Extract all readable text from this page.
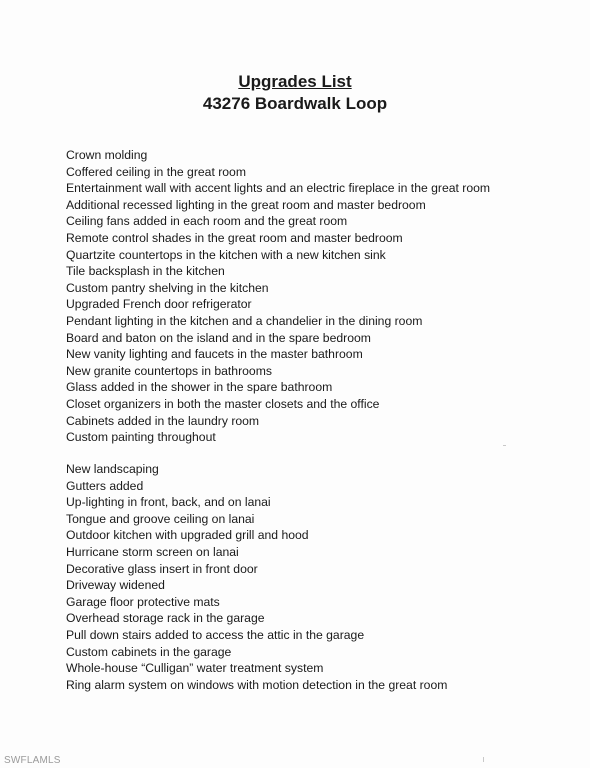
Upgrades List
43276 Boardwalk Loop
Crown molding
Coffered ceiling in the great room
Entertainment wall with accent lights and an electric fireplace in the great room
Additional recessed lighting in the great room and master bedroom
Ceiling fans added in each room and the great room
Remote control shades in the great room and master bedroom
Quartzite countertops in the kitchen with a new kitchen sink
Tile backsplash in the kitchen
Custom pantry shelving in the kitchen
Upgraded French door refrigerator
Pendant lighting in the kitchen and a chandelier in the dining room
Board and baton on the island and in the spare bedroom
New vanity lighting and faucets in the master bathroom
New granite countertops in bathrooms
Glass added in the shower in the spare bathroom
Closet organizers in both the master closets and the office
Cabinets added in the laundry room
Custom painting throughout
New landscaping
Gutters added
Up-lighting in front, back, and on lanai
Tongue and groove ceiling on lanai
Outdoor kitchen with upgraded grill and hood
Hurricane storm screen on lanai
Decorative glass insert in front door
Driveway widened
Garage floor protective mats
Overhead storage rack in the garage
Pull down stairs added to access the attic in the garage
Custom cabinets in the garage
Whole-house “Culligan” water treatment system
Ring alarm system on windows with motion detection in the great room
SWFLAMLS
